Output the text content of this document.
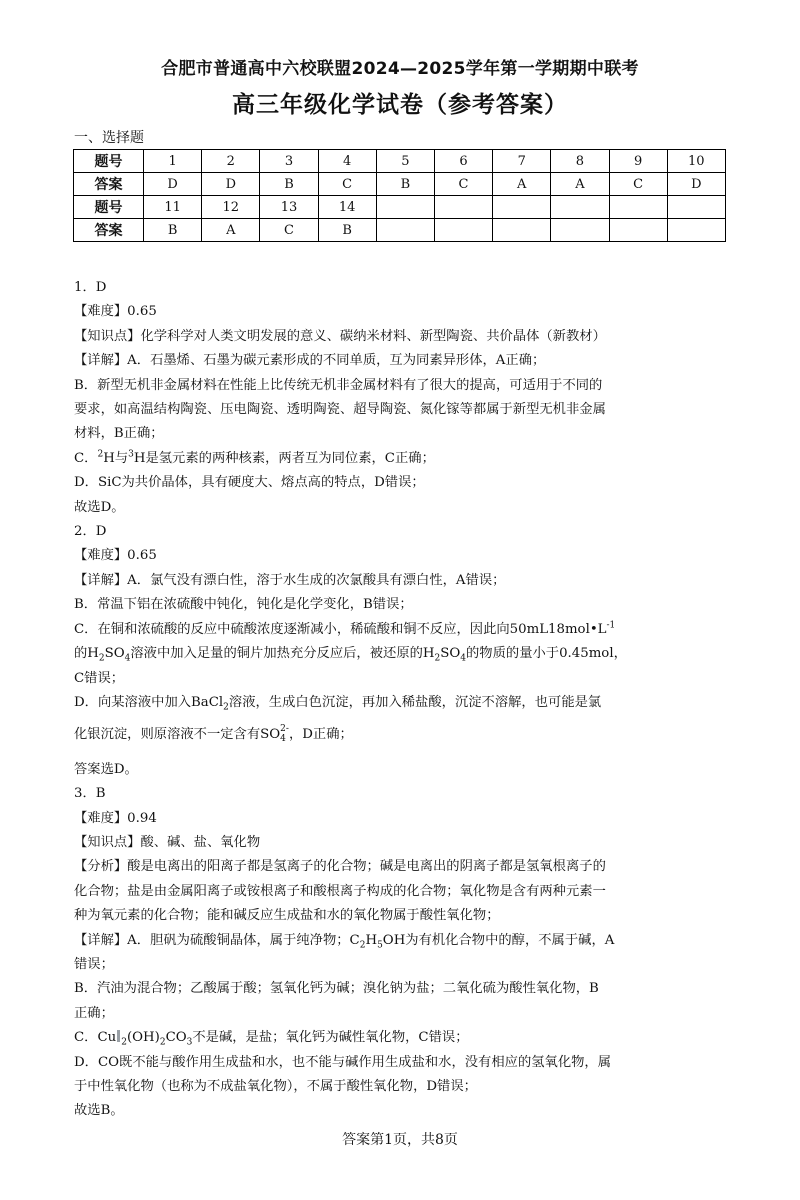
合肥市普通高中六校联盟2024—2025学年第一学期期中联考
高三年级化学试卷（参考答案）
一、选择题
题号	1	2	3	4	5	6	7	8	9	10
答案	D	D	B	C	B	C	A	A	C	D
题号	11	12	13	14						
答案	B	A	C	B						

1．D

【难度】0.65

【知识点】化学科学对人类文明发展的意义、碳纳米材料、新型陶瓷、共价晶体（新教材）

【详解】A．石墨烯、石墨为碳元素形成的不同单质，互为同素异形体，A正确；

B．新型无机非金属材料在性能上比传统无机非金属材料有了很大的提高，可适用于不同的

要求，如高温结构陶瓷、压电陶瓷、透明陶瓷、超导陶瓷、氮化镓等都属于新型无机非金属

材料，B正确；

C．$^2$H与$^3$H是氢元素的两种核素，两者互为同位素，C正确；

D．SiC为共价晶体，具有硬度大、熔点高的特点，D错误；

故选D。

2．D

【难度】0.65

【详解】A．氯气没有漂白性，溶于水生成的次氯酸具有漂白性，A错误；

B．常温下铝在浓硫酸中钝化，钝化是化学变化，B错误；

C．在铜和浓硫酸的反应中硫酸浓度逐渐减小，稀硫酸和铜不反应，因此向$50mL18mol•L^{-1}$

的$H_2SO_4$溶液中加入足量的铜片加热充分反应后，被还原的$H_2SO_4$的物质的量小于0.45mol，

C错误；

D．向某溶液中加入BaCl$_2$溶液，生成白色沉淀，再加入稀盐酸，沉淀不溶解，也可能是氯

化银沉淀，则原溶液不一定含有SO 2-
4 ，D正确；

答案选D。

3．B

【难度】0.94

【知识点】酸、碱、盐、氧化物

【分析】酸是电离出的阳离子都是氢离子的化合物；碱是电离出的阴离子都是氢氧根离子的

化合物；盐是由金属阳离子或铵根离子和酸根离子构成的化合物；氧化物是含有两种元素一

种为氧元素的化合物；能和碱反应生成盐和水的氧化物属于酸性氧化物；

【详解】A．胆矾为硫酸铜晶体，属于纯净物；$C_2H_5OH$为有机化合物中的醇，不属于碱，A

错误；

B．汽油为混合物；乙酸属于酸；氢氧化钙为碱；溴化钠为盐；二氧化硫为酸性氧化物，B

正确；

C．Cu $_2(OH)_2CO_3$不是碱，是盐；氧化钙为碱性氧化物，C错误；

D．CO既不能与酸作用生成盐和水，也不能与碱作用生成盐和水，没有相应的氢氧化物，属

于中性氧化物（也称为不成盐氧化物），不属于酸性氧化物，D错误；

故选B。

答案第1页，共8页
